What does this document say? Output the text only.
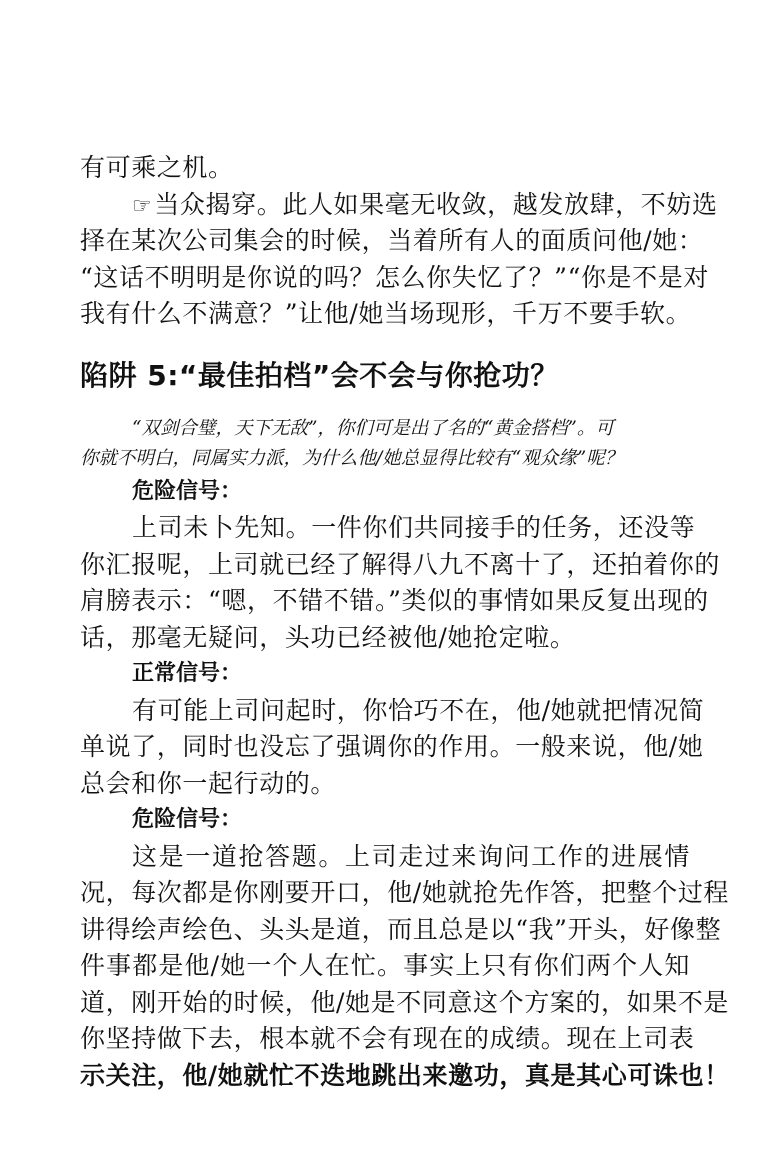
有可乘之机。
☞当众揭穿。此人如果毫无收敛，越发放肆，不妨选
择在某次公司集会的时候，当着所有人的面质问他/她：
“这话不明明是你说的吗？怎么你失忆了？”“你是不是对
我有什么不满意？”让他/她当场现形，千万不要手软。
陷阱 5:“最佳拍档”会不会与你抢功？
“双剑合璧，天下无敌”，你们可是出了名的“黄金搭档”。可
你就不明白，同属实力派，为什么他/她总显得比较有“观众缘”呢？
危险信号：
上司未卜先知。一件你们共同接手的任务，还没等
你汇报呢，上司就已经了解得八九不离十了，还拍着你的
肩膀表示：“嗯，不错不错。”类似的事情如果反复出现的
话，那毫无疑问，头功已经被他/她抢定啦。
正常信号：
有可能上司问起时，你恰巧不在，他/她就把情况简
单说了，同时也没忘了强调你的作用。一般来说，他/她
总会和你一起行动的。
危险信号：
这是一道抢答题。上司走过来询问工作的进展情
况，每次都是你刚要开口，他/她就抢先作答，把整个过程
讲得绘声绘色、头头是道，而且总是以“我”开头，好像整
件事都是他/她一个人在忙。事实上只有你们两个人知
道，刚开始的时候，他/她是不同意这个方案的，如果不是
你坚持做下去，根本就不会有现在的成绩。现在上司表
示关注，他/她就忙不迭地跳出来邀功，真是其心可诛也！
